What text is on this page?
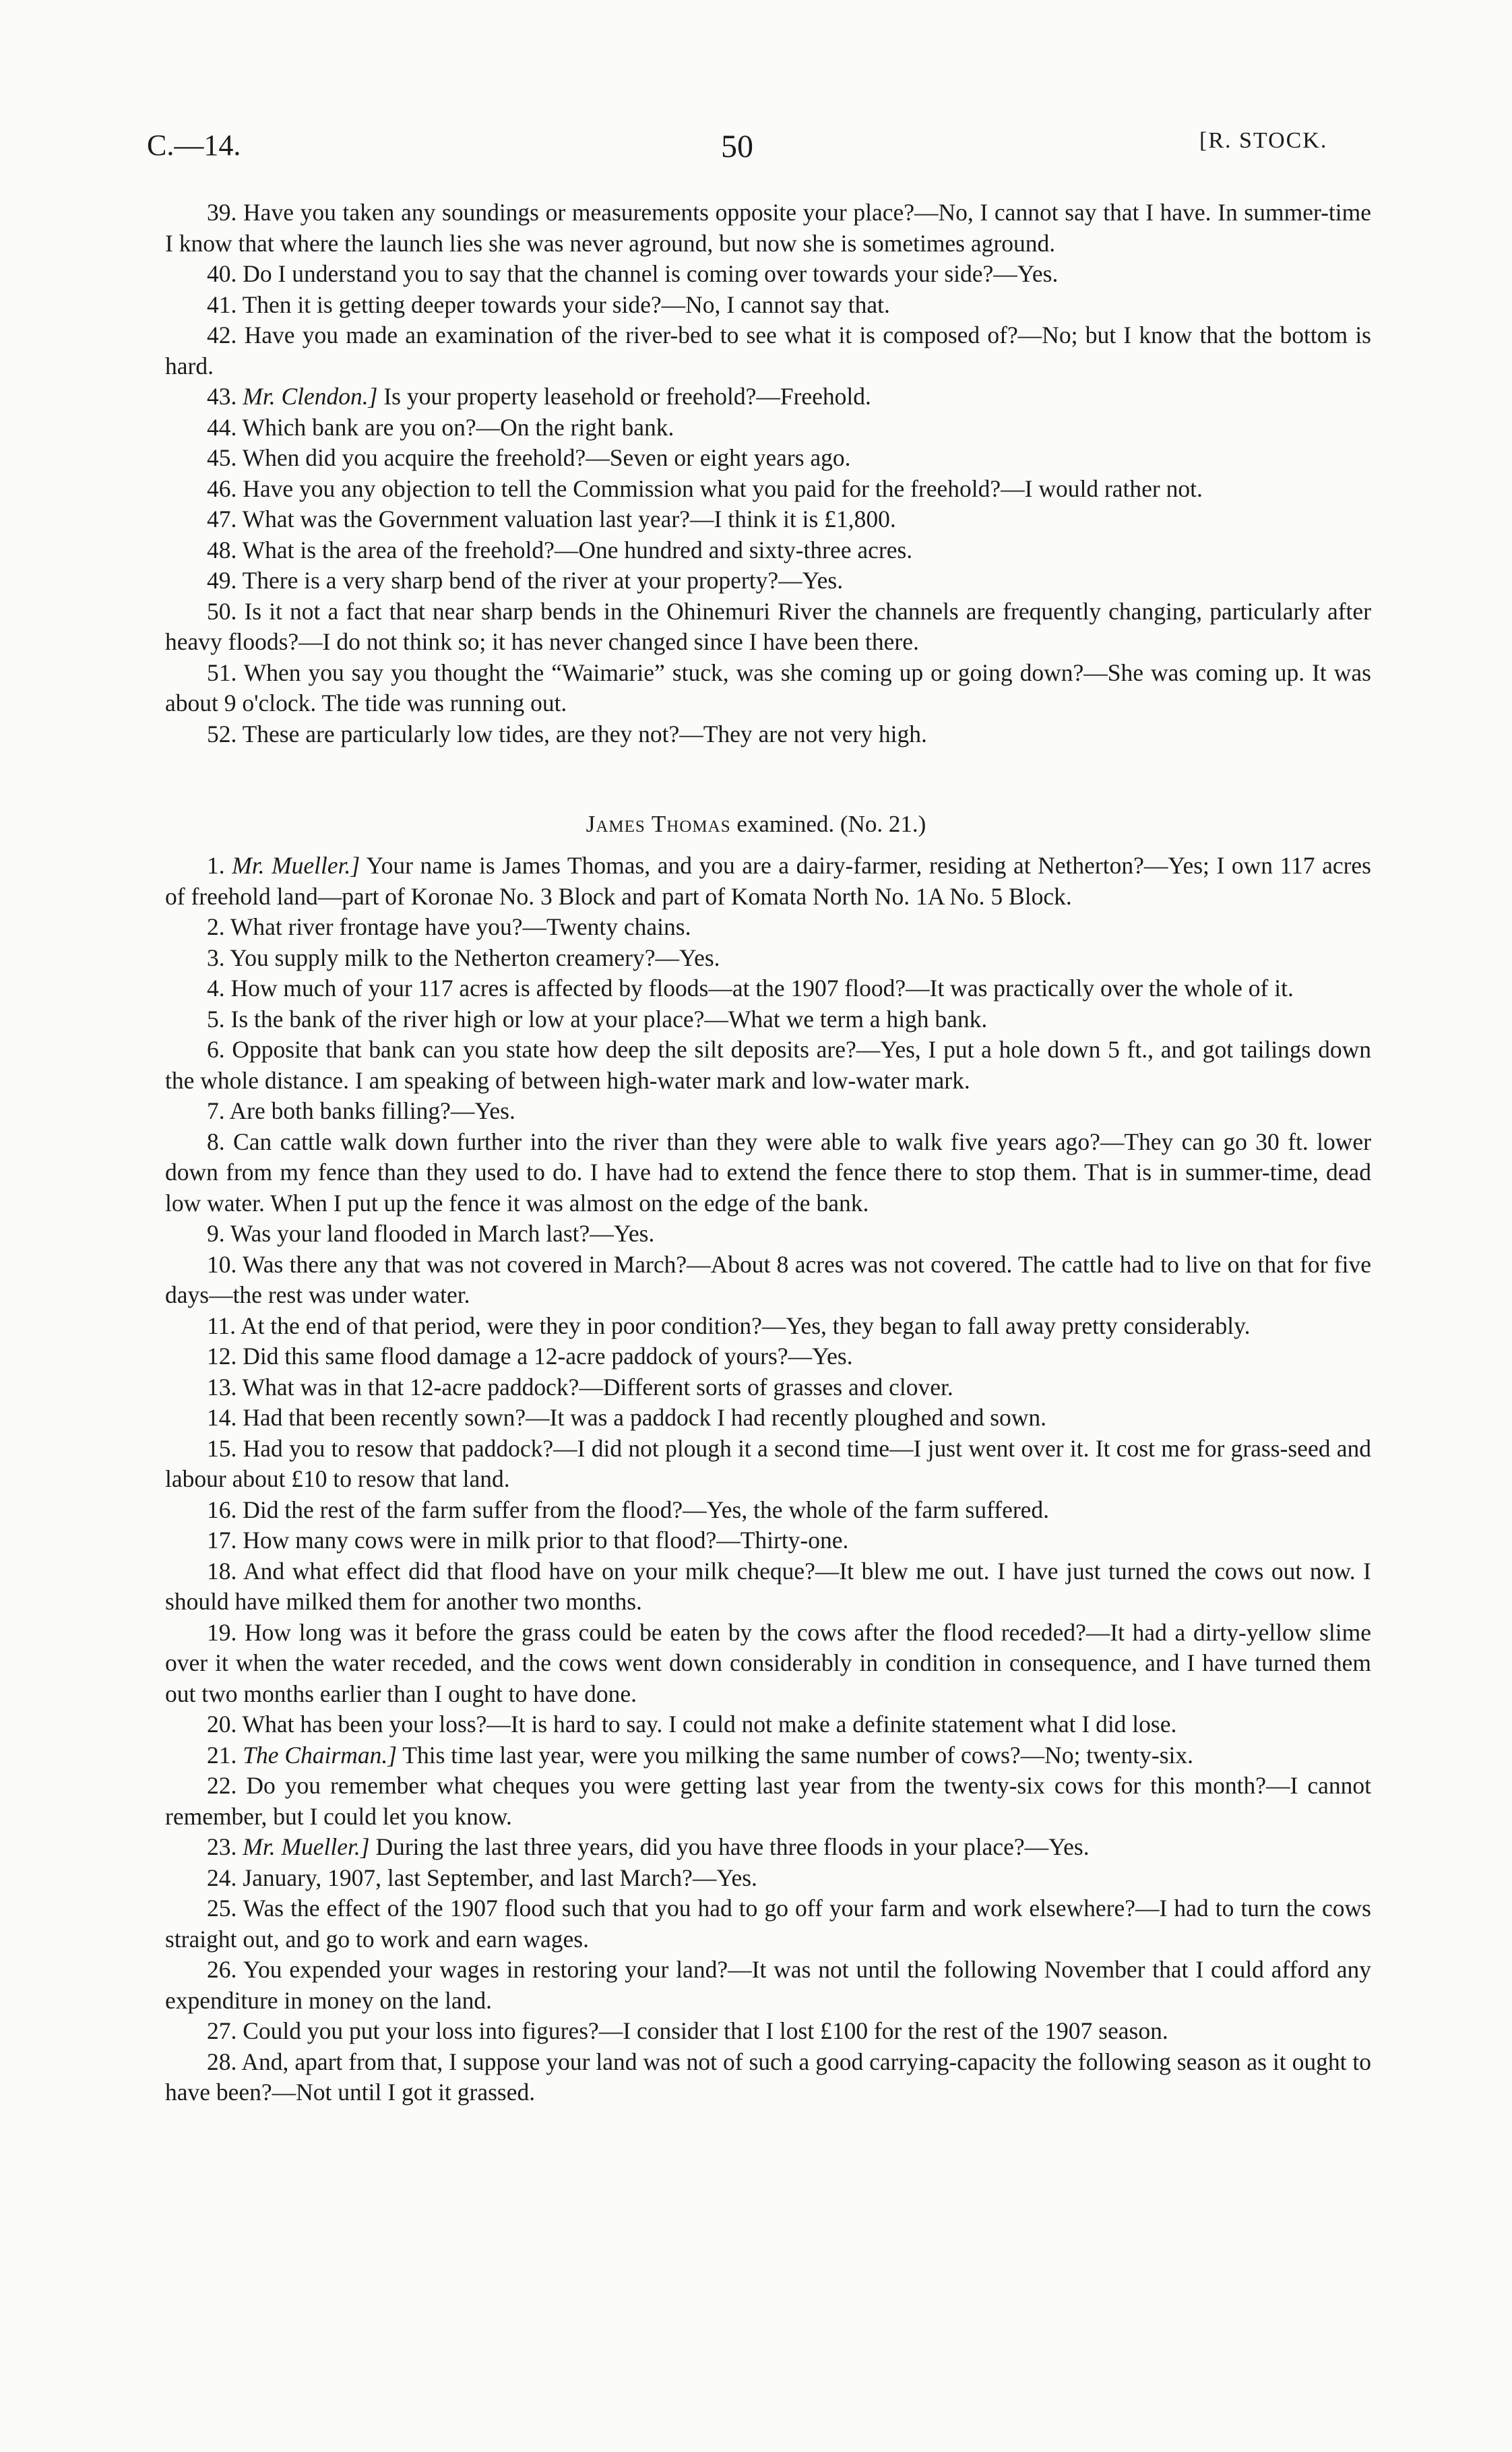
C.—14.	50	[R. STOCK.

39. Have you taken any soundings or measurements opposite your place?—No, I cannot say that I have. In summer-time I know that where the launch lies she was never aground, but now she is sometimes aground.

40. Do I understand you to say that the channel is coming over towards your side?—Yes.

41. Then it is getting deeper towards your side?—No, I cannot say that.

42. Have you made an examination of the river-bed to see what it is composed of?—No; but I know that the bottom is hard.

43. Mr. Clendon.] Is your property leasehold or freehold?—Freehold.

44. Which bank are you on?—On the right bank.

45. When did you acquire the freehold?—Seven or eight years ago.

46. Have you any objection to tell the Commission what you paid for the freehold?—I would rather not.

47. What was the Government valuation last year?—I think it is £1,800.

48. What is the area of the freehold?—One hundred and sixty-three acres.

49. There is a very sharp bend of the river at your property?—Yes.

50. Is it not a fact that near sharp bends in the Ohinemuri River the channels are frequently changing, particularly after heavy floods?—I do not think so; it has never changed since I have been there.

51. When you say you thought the “Waimarie” stuck, was she coming up or going down?—She was coming up. It was about 9 o'clock. The tide was running out.

52. These are particularly low tides, are they not?—They are not very high.

James Thomas examined. (No. 21.)

1. Mr. Mueller.] Your name is James Thomas, and you are a dairy-farmer, residing at Netherton?—Yes; I own 117 acres of freehold land—part of Koronae No. 3 Block and part of Komata North No. 1A No. 5 Block.

2. What river frontage have you?—Twenty chains.

3. You supply milk to the Netherton creamery?—Yes.

4. How much of your 117 acres is affected by floods—at the 1907 flood?—It was practically over the whole of it.

5. Is the bank of the river high or low at your place?—What we term a high bank.

6. Opposite that bank can you state how deep the silt deposits are?—Yes, I put a hole down 5 ft., and got tailings down the whole distance. I am speaking of between high-water mark and low-water mark.

7. Are both banks filling?—Yes.

8. Can cattle walk down further into the river than they were able to walk five years ago?—They can go 30 ft. lower down from my fence than they used to do. I have had to extend the fence there to stop them. That is in summer-time, dead low water. When I put up the fence it was almost on the edge of the bank.

9. Was your land flooded in March last?—Yes.

10. Was there any that was not covered in March?—About 8 acres was not covered. The cattle had to live on that for five days—the rest was under water.

11. At the end of that period, were they in poor condition?—Yes, they began to fall away pretty considerably.

12. Did this same flood damage a 12-acre paddock of yours?—Yes.

13. What was in that 12-acre paddock?—Different sorts of grasses and clover.

14. Had that been recently sown?—It was a paddock I had recently ploughed and sown.

15. Had you to resow that paddock?—I did not plough it a second time—I just went over it. It cost me for grass-seed and labour about £10 to resow that land.

16. Did the rest of the farm suffer from the flood?—Yes, the whole of the farm suffered.

17. How many cows were in milk prior to that flood?—Thirty-one.

18. And what effect did that flood have on your milk cheque?—It blew me out. I have just turned the cows out now. I should have milked them for another two months.

19. How long was it before the grass could be eaten by the cows after the flood receded?—It had a dirty-yellow slime over it when the water receded, and the cows went down considerably in condition in consequence, and I have turned them out two months earlier than I ought to have done.

20. What has been your loss?—It is hard to say. I could not make a definite statement what I did lose.

21. The Chairman.] This time last year, were you milking the same number of cows?—No; twenty-six.

22. Do you remember what cheques you were getting last year from the twenty-six cows for this month?—I cannot remember, but I could let you know.

23. Mr. Mueller.] During the last three years, did you have three floods in your place?—Yes.

24. January, 1907, last September, and last March?—Yes.

25. Was the effect of the 1907 flood such that you had to go off your farm and work elsewhere?—I had to turn the cows straight out, and go to work and earn wages.

26. You expended your wages in restoring your land?—It was not until the following November that I could afford any expenditure in money on the land.

27. Could you put your loss into figures?—I consider that I lost £100 for the rest of the 1907 season.

28. And, apart from that, I suppose your land was not of such a good carrying-capacity the following season as it ought to have been?—Not until I got it grassed.
